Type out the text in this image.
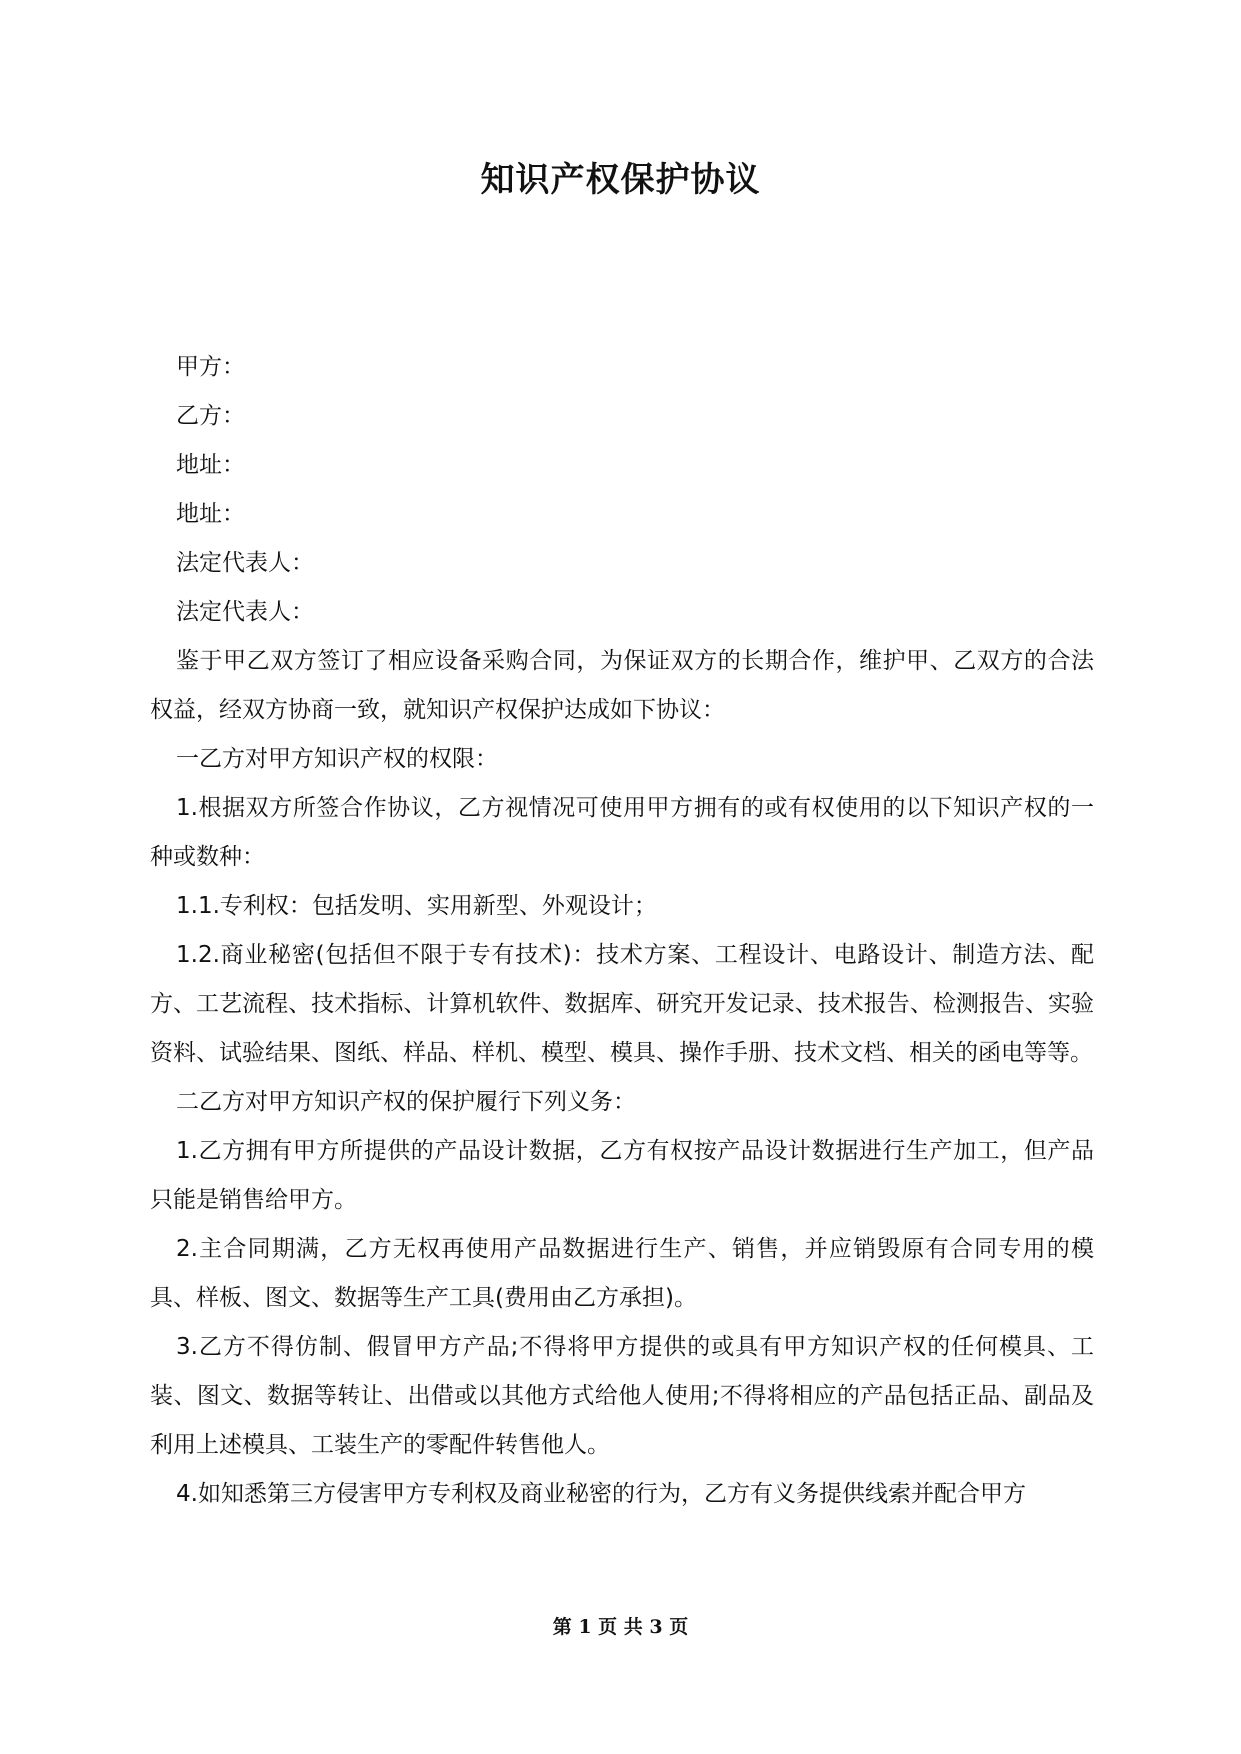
知识产权保护协议

甲方：

乙方：

地址：

地址：

法定代表人：

法定代表人：

鉴于甲乙双方签订了相应设备采购合同，为保证双方的长期合作，维护甲、乙双方的合法权益，经双方协商一致，就知识产权保护达成如下协议：

一乙方对甲方知识产权的权限：

1.根据双方所签合作协议，乙方视情况可使用甲方拥有的或有权使用的以下知识产权的一种或数种：

1.1.专利权：包括发明、实用新型、外观设计；

1.2.商业秘密(包括但不限于专有技术)：技术方案、工程设计、电路设计、制造方法、配方、工艺流程、技术指标、计算机软件、数据库、研究开发记录、技术报告、检测报告、实验资料、试验结果、图纸、样品、样机、模型、模具、操作手册、技术文档、相关的函电等等。

二乙方对甲方知识产权的保护履行下列义务：

1.乙方拥有甲方所提供的产品设计数据，乙方有权按产品设计数据进行生产加工，但产品只能是销售给甲方。

2.主合同期满，乙方无权再使用产品数据进行生产、销售，并应销毁原有合同专用的模具、样板、图文、数据等生产工具(费用由乙方承担)。

3.乙方不得仿制、假冒甲方产品;不得将甲方提供的或具有甲方知识产权的任何模具、工装、图文、数据等转让、出借或以其他方式给他人使用;不得将相应的产品包括正品、副品及利用上述模具、工装生产的零配件转售他人。

4.如知悉第三方侵害甲方专利权及商业秘密的行为，乙方有义务提供线索并配合甲方

第 1 页 共 3 页
